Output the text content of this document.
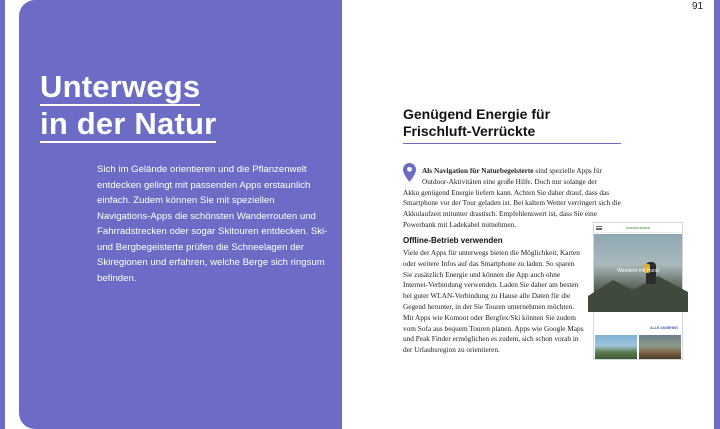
91
Unterwegs
in der Natur

Sich im Gelände orientieren und die Pflanzenwelt entdecken gelingt mit passenden Apps erstaunlich einfach. Zudem können Sie mit speziellen Navigations-Apps die schönsten Wanderrouten und Fahrradstrecken oder sogar Skitouren entdecken. Ski- und Bergbegeisterte prüfen die Schneelagen der Skiregionen und erfahren, welche Berge sich ringsum befinden.

Genügend Energie für
Frischluft-Verrückte
Als Navigation für Naturbegeisterte sind spezielle Apps für
Outdoor-Aktivitäten eine große Hilfe. Doch nur solange der
Akku genügend Energie liefern kann. Achten Sie daher drauf, dass das Smartphone vor der Tour geladen ist. Bei kaltem Wetter verringert sich die Akkulaufzeit mitunter drastisch. Empfehlenswert ist, dass Sie eine Powerbank mit Ladekabel mitnehmen.
Offline-Betrieb verwenden

Viele der Apps für unterwegs bieten die Möglichkeit, Karten oder weitere Infos auf das Smartphone zu laden. So sparen Sie zusätzlich Energie und können die App auch ohne Internet-Verbindung verwenden. Laden Sie daher am besten bei guter WLAN-Verbindung zu Hause alle Daten für die Gegend herunter, in der Sie Touren unternehmen möchten. Mit Apps wie Komoot oder Bergfex/Ski können Sie zudem vom Sofa aus bequem Touren planen. Apps wie Google Maps und Peak Finder ermöglichen es zudem, sich schon vorab in der Urlaubsregion zu orientieren.

outdooractive
Wandern mit Hund
• • • • • •
ALLE ANSEHEN
